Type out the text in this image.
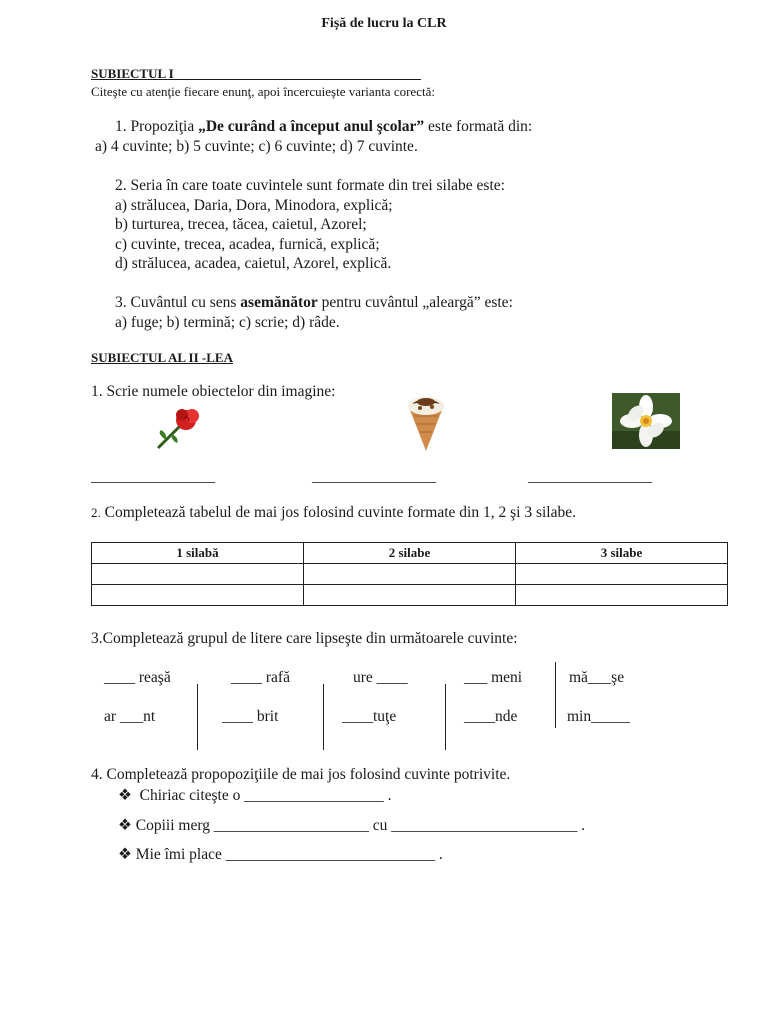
Fișă de lucru la CLR
SUBIECTUL I______________________________________
Citeşte cu atenţie fiecare enunţ, apoi încercuieşte varianta corectă:
1. Propoziţia „De curând a început anul şcolar” este formată din:
a) 4 cuvinte; b) 5 cuvinte; c) 6 cuvinte; d) 7 cuvinte.
2. Seria în care toate cuvintele sunt formate din trei silabe este:
a) strălucea, Daria, Dora, Minodora, explică;
b) turturea, trecea, tăcea, caietul, Azorel;
c) cuvinte, trecea, acadea, furnică, explică;
d) strălucea, acadea, caietul, Azorel, explică.
3. Cuvântul cu sens asemănător pentru cuvântul „aleargă” este:
a) fuge; b) termină; c) scrie; d) râde.
SUBIECTUL AL II -LEA
1. Scrie numele obiectelor din imagine:
________________	________________	________________
2. Completează tabelul de mai jos folosind cuvinte formate din 1, 2 şi 3 silabe.
1 silabă	2 silabe	3 silabe

3.Completează grupul de litere care lipseşte din următoarele cuvinte:
____ reaşă	____ rafă	ure ____	___ meni	mă___şe
ar ___nt	____ brit	____tuţe	____nde	min_____
4. Completează propopoziţiile de mai jos folosind cuvinte potrivite.
❖ Chiriac citeşte o __________________ .
❖ Copiii merg ____________________ cu ________________________ .
❖ Mie îmi place ___________________________ .
